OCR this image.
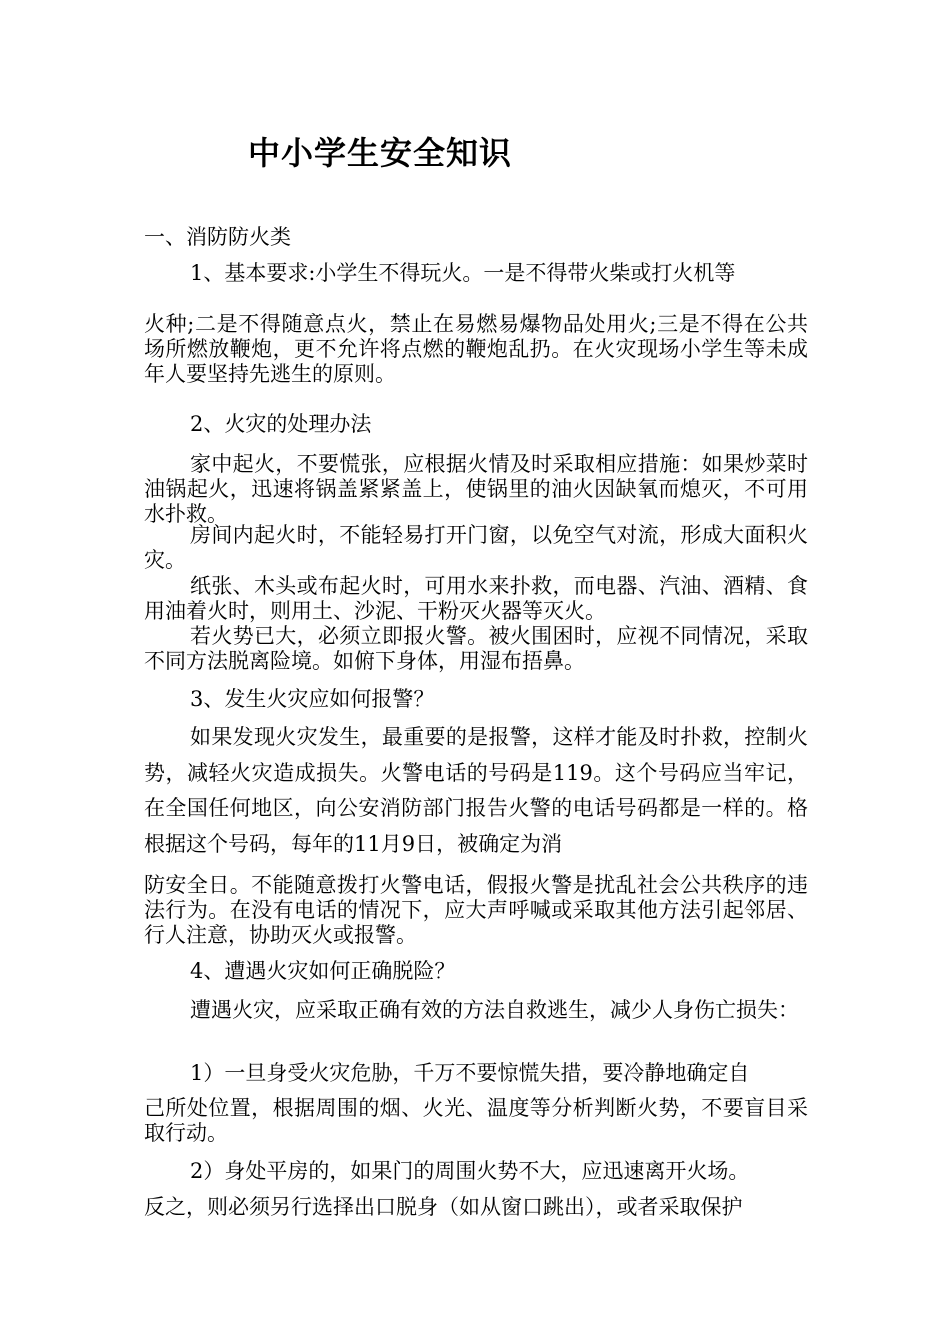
中小学生安全知识
一、消防防火类
1、基本要求:小学生不得玩火。一是不得带火柴或打火机等
火种;二是不得随意点火，禁止在易燃易爆物品处用火;三是不得在公共场所燃放鞭炮，更不允许将点燃的鞭炮乱扔。在火灾现场小学生等未成年人要坚持先逃生的原则。
2、火灾的处理办法
家中起火，不要慌张，应根据火情及时采取相应措施：如果炒菜时油锅起火，迅速将锅盖紧紧盖上，使锅里的油火因缺氧而熄灭，不可用水扑救。
房间内起火时，不能轻易打开门窗，以免空气对流，形成大面积火灾。
纸张、木头或布起火时，可用水来扑救，而电器、汽油、酒精、食用油着火时，则用土、沙泥、干粉灭火器等灭火。
若火势已大，必须立即报火警。被火围困时，应视不同情况，采取不同方法脱离险境。如俯下身体，用湿布捂鼻。
3、发生火灾应如何报警？
如果发现火灾发生，最重要的是报警，这样才能及时扑救，控制火势，减轻火灾造成损失。火警电话的号码是119。这个号码应当牢记，在全国任何地区，向公安消防部门报告火警的电话号码都是一样的。格根据这个号码，每年的11月9日，被确定为消
防安全日。不能随意拨打火警电话，假报火警是扰乱社会公共秩序的违法行为。在没有电话的情况下，应大声呼喊或采取其他方法引起邻居、行人注意，协助灭火或报警。
4、遭遇火灾如何正确脱险？
遭遇火灾，应采取正确有效的方法自救逃生，减少人身伤亡损失：
1）一旦身受火灾危胁，千万不要惊慌失措，要冷静地确定自
己所处位置，根据周围的烟、火光、温度等分析判断火势，不要盲目采取行动。
2）身处平房的，如果门的周围火势不大，应迅速离开火场。
反之，则必须另行选择出口脱身（如从窗口跳出），或者采取保护
